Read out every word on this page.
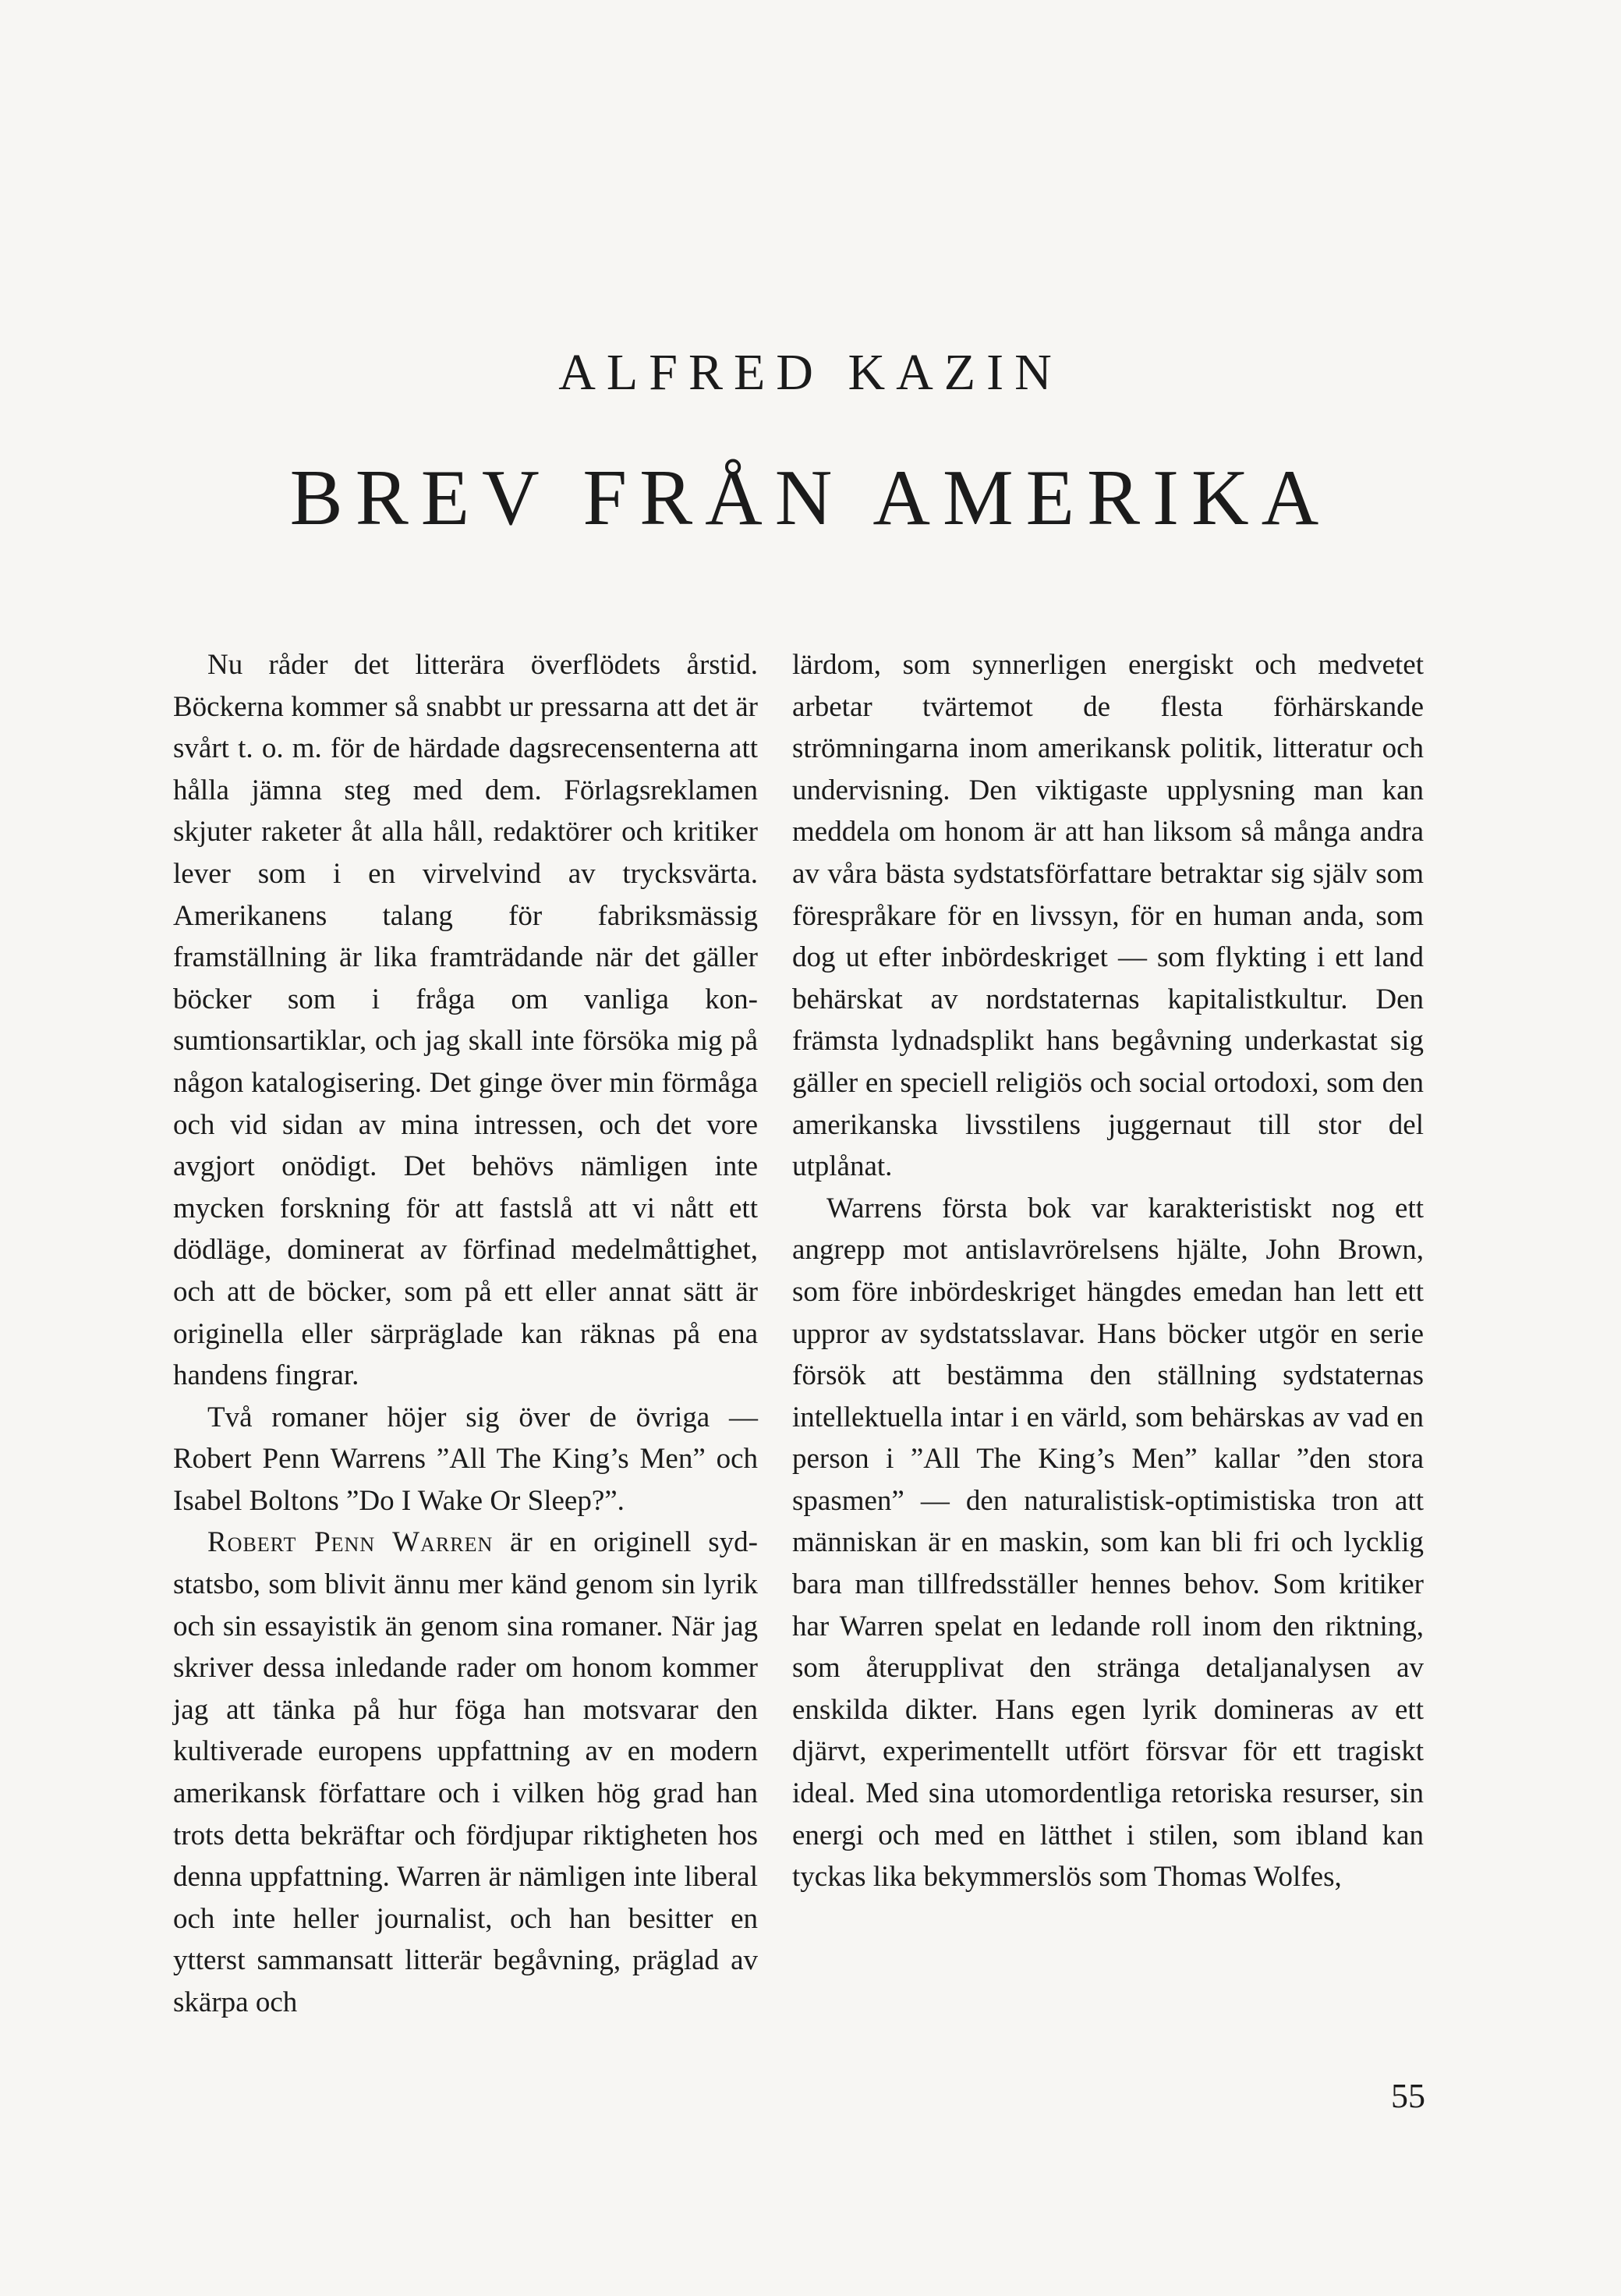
ALFRED KAZIN
BREV FRÅN AMERIKA

Nu råder det litterära överflödets årstid. Böckerna kommer så snabbt ur pressarna att det är svårt t. o. m. för de härdade dagsrecensenterna att hålla jämna steg med dem. Förlagsreklamen skjuter raketer åt alla håll, redaktörer och kritiker lever som i en virvelvind av trycksvärta. Amerikanens talang för fabriksmässig framställning är lika framträdande när det gäller böcker som i fråga om vanliga konsumtionsartiklar, och jag skall inte försöka mig på någon katalogisering. Det ginge över min förmåga och vid sidan av mina intressen, och det vore avgjort onödigt. Det behövs nämligen inte mycken forskning för att fastslå att vi nått ett dödläge, dominerat av förfinad medelmåttighet, och att de böcker, som på ett eller annat sätt är originella eller särpräglade kan räknas på ena handens fingrar.

Två romaner höjer sig över de övriga — Robert Penn Warrens ”All The King’s Men” och Isabel Boltons ”Do I Wake Or Sleep?”.

Robert Penn Warren är en originell sydstatsbo, som blivit ännu mer känd genom sin lyrik och sin essayistik än genom sina romaner. När jag skriver dessa inledande rader om honom kommer jag att tänka på hur föga han motsvarar den kultiverade europens uppfattning av en modern amerikansk författare och i vilken hög grad han trots detta bekräftar och fördjupar riktigheten hos denna uppfattning. Warren är nämligen inte liberal och inte heller journalist, och han besitter en ytterst sammansatt litterär begåvning, präglad av skärpa och

lärdom, som synnerligen energiskt och medvetet arbetar tvärtemot de flesta förhärskande strömningarna inom amerikansk politik, litteratur och undervisning. Den viktigaste upplysning man kan meddela om honom är att han liksom så många andra av våra bästa sydstatsförfattare betraktar sig själv som förespråkare för en livssyn, för en human anda, som dog ut efter inbördeskriget — som flykting i ett land behärskat av nordstaternas kapitalistkultur. Den främsta lydnadsplikt hans begåvning underkastat sig gäller en speciell religiös och social ortodoxi, som den amerikanska livsstilens juggernaut till stor del utplånat.

Warrens första bok var karakteristiskt nog ett angrepp mot antislavrörelsens hjälte, John Brown, som före inbördeskriget hängdes emedan han lett ett uppror av sydstatsslavar. Hans böcker utgör en serie försök att bestämma den ställning sydstaternas intellektuella intar i en värld, som behärskas av vad en person i ”All The King’s Men” kallar ”den stora spasmen” — den naturalistisk-optimistiska tron att människan är en maskin, som kan bli fri och lycklig bara man tillfredsställer hennes behov. Som kritiker har Warren spelat en ledande roll inom den riktning, som återupplivat den stränga detaljanalysen av enskilda dikter. Hans egen lyrik domineras av ett djärvt, experimentellt utfört försvar för ett tragiskt ideal. Med sina utomordentliga retoriska resurser, sin energi och med en lätthet i stilen, som ibland kan tyckas lika bekymmerslös som Thomas Wolfes,

55
